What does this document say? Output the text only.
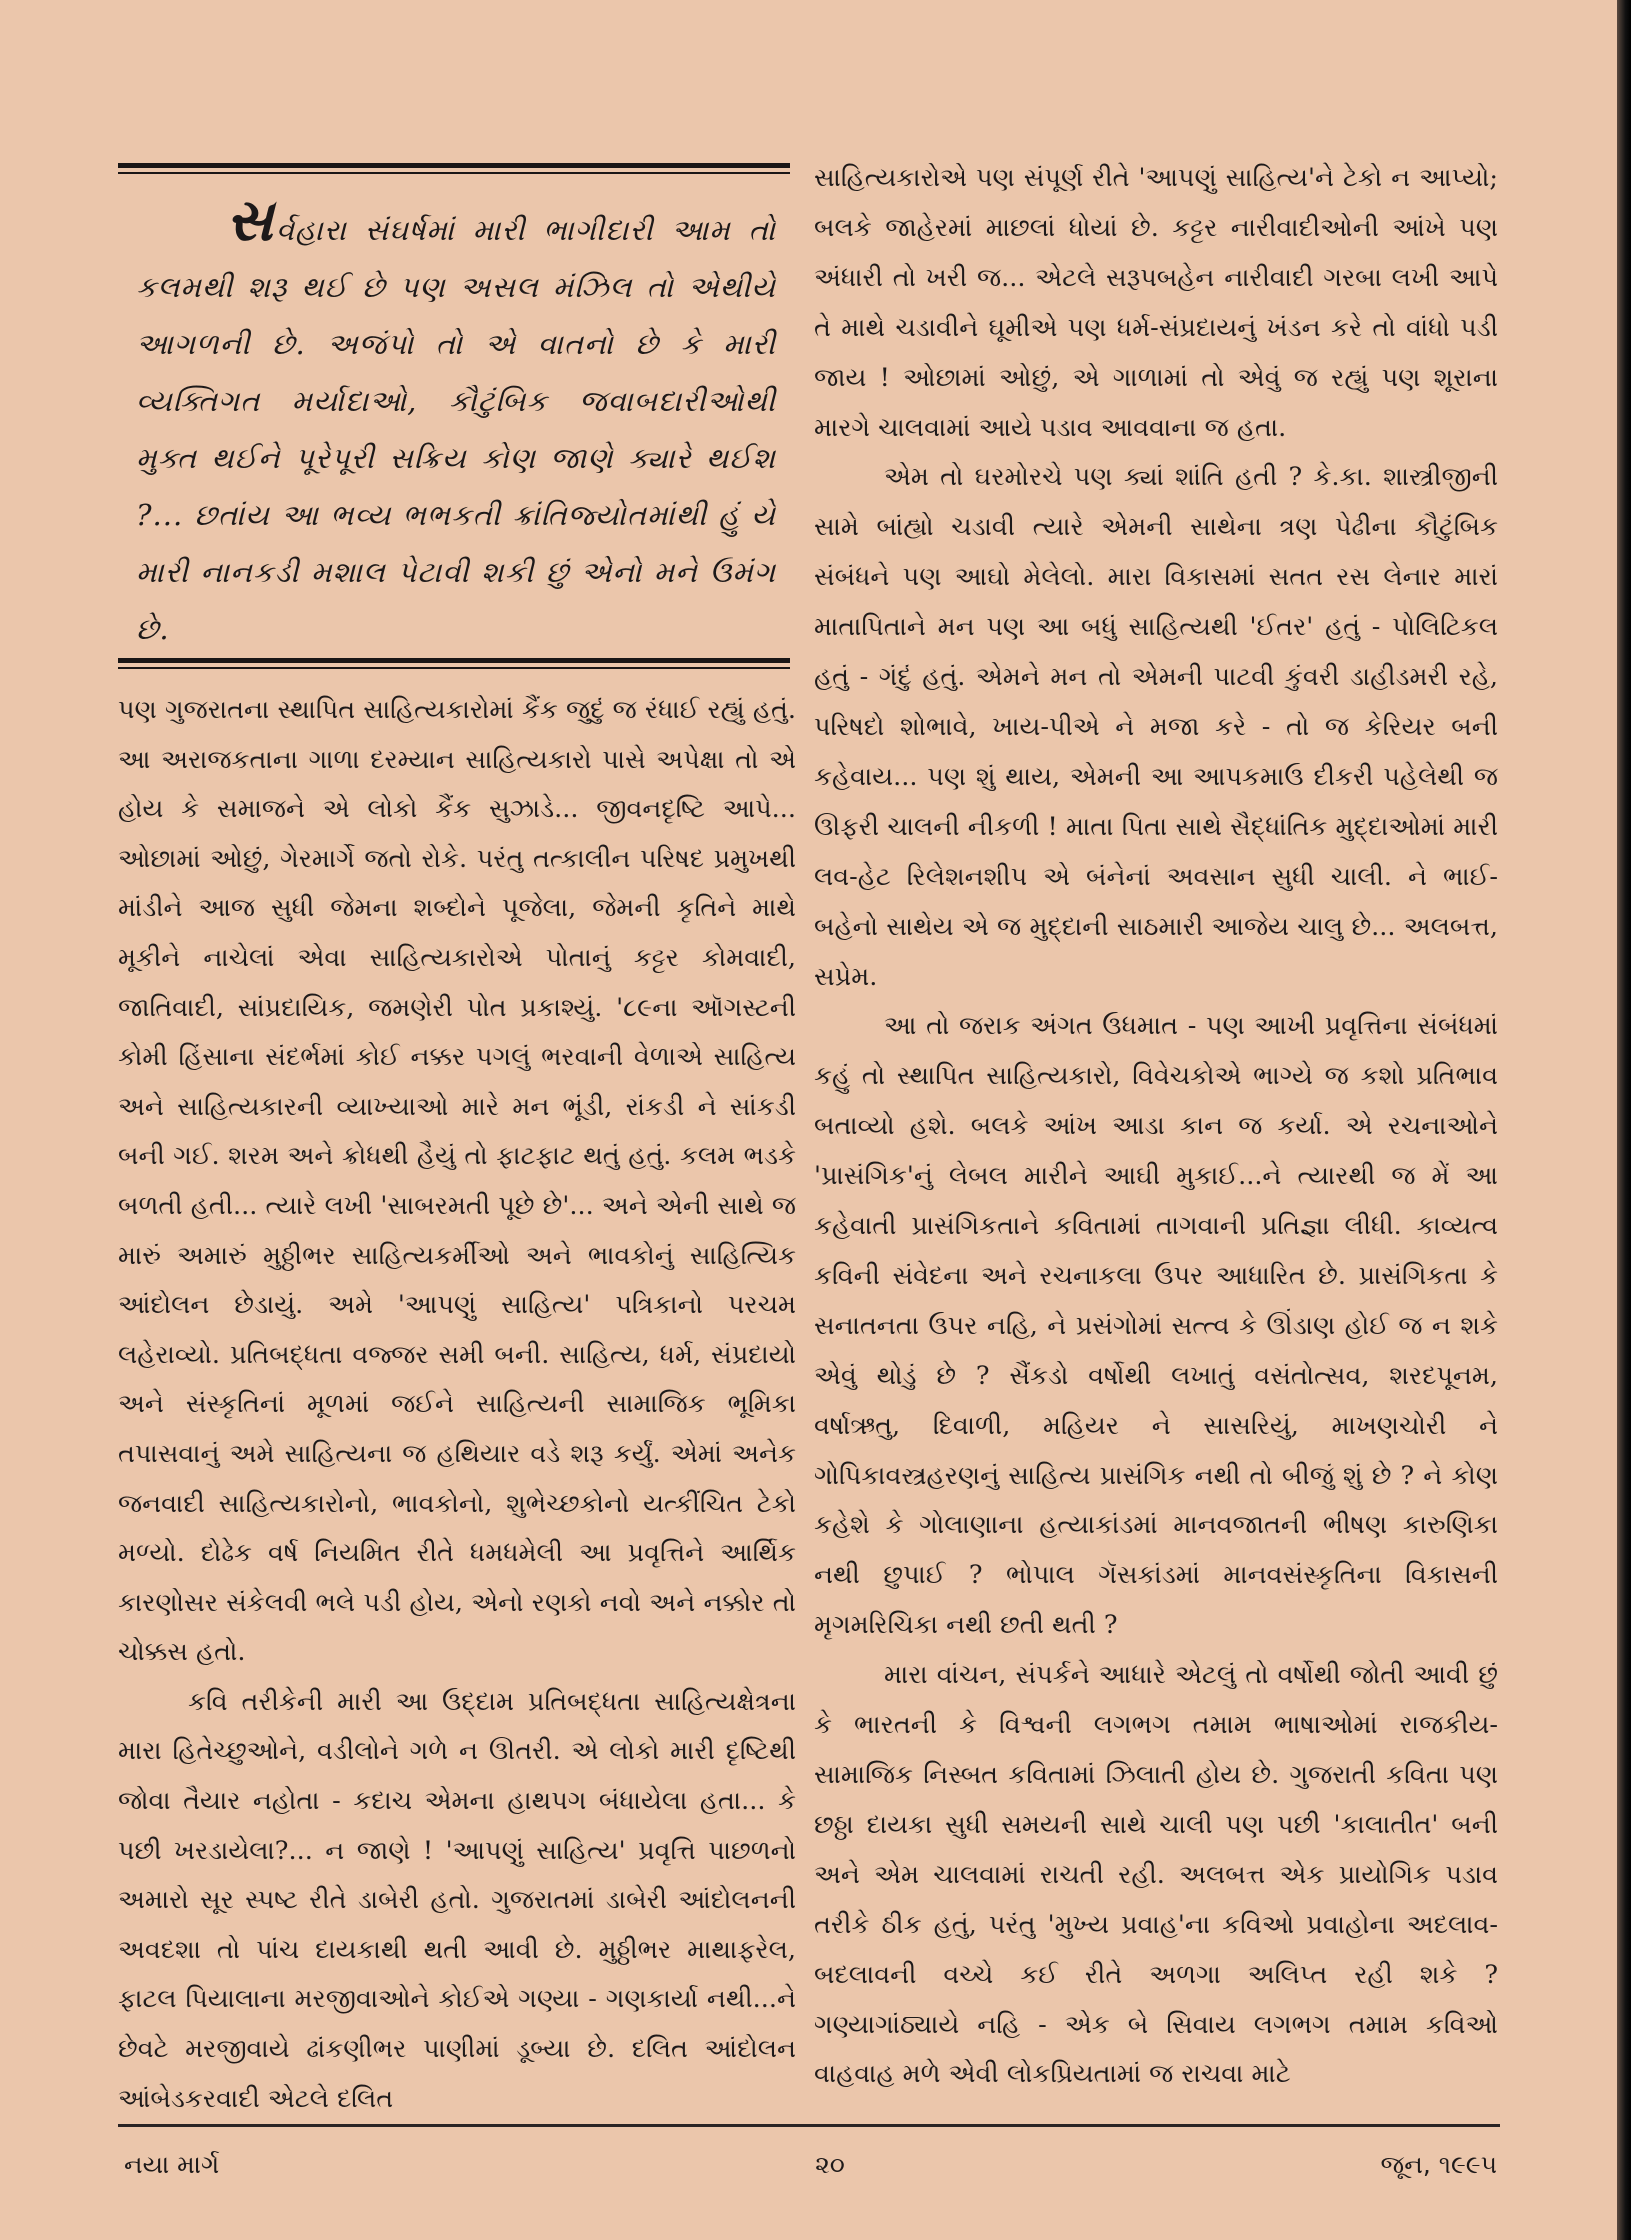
સર્વહારા સંઘર્ષમાં મારી ભાગીદારી આમ તો કલમથી શરૂ થઈ છે પણ અસલ મંઝિલ તો એથીયે આગળની છે. અજંપો તો એ વાતનો છે કે મારી વ્યક્તિગત મર્યાદાઓ, કૌટુંબિક જવાબદારીઓથી મુક્ત થઈને પૂરેપૂરી સક્રિય કોણ જાણે ક્યારે થઈશ ?... છતાંય આ ભવ્ય ભભકતી ક્રાંતિજ્યોતમાંથી હું યે મારી નાનકડી મશાલ પેટાવી શકી છું એનો મને ઉમંગ છે.

પણ ગુજરાતના સ્થાપિત સાહિત્યકારોમાં કૈંક જુદું જ રંધાઈ રહ્યું હતું. આ અરાજકતાના ગાળા દરમ્યાન સાહિત્યકારો પાસે અપેક્ષા તો એ હોય કે સમાજને એ લોકો કૈંક સુઝાડે... જીવનદૃષ્ટિ આપે... ઓછામાં ઓછું, ગેરમાર્ગે જતો રોકે. પરંતુ તત્કાલીન પરિષદ પ્રમુખથી માંડીને આજ સુધી જેમના શબ્દોને પૂજેલા, જેમની કૃતિને માથે મૂકીને નાચેલાં એવા સાહિત્યકારોએ પોતાનું કટ્ટર કોમવાદી, જાતિવાદી, સાંપ્રદાયિક, જમણેરી પોત પ્રકાશ્યું. '૮૯ના ઑગસ્ટની કોમી હિંસાના સંદર્ભમાં કોઈ નક્કર પગલું ભરવાની વેળાએ સાહિત્ય અને સાહિત્યકારની વ્યાખ્યાઓ મારે મન ભૂંડી, રાંકડી ને સાંકડી બની ગઈ. શરમ અને ક્રોધથી હૈયું તો ફાટફાટ થતું હતું. કલમ ભડકે બળતી હતી... ત્યારે લખી 'સાબરમતી પૂછે છે'... અને એની સાથે જ મારું અમારું મુઠ્ઠીભર સાહિત્યકર્મીઓ અને ભાવકોનું સાહિત્યિક આંદોલન છેડાયું. અમે 'આપણું સાહિત્ય' પત્રિકાનો પરચમ લહેરાવ્યો. પ્રતિબદ્ધતા વજ્જર સમી બની. સાહિત્ય, ધર્મ, સંપ્રદાયો અને સંસ્કૃતિનાં મૂળમાં જઈને સાહિત્યની સામાજિક ભૂમિકા તપાસવાનું અમે સાહિત્યના જ હથિયાર વડે શરૂ કર્યું. એમાં અનેક જનવાદી સાહિત્યકારોનો, ભાવકોનો, શુભેચ્છકોનો યત્કીંચિત ટેકો મળ્યો. દોઢેક વર્ષ નિયમિત રીતે ધમધમેલી આ પ્રવૃત્તિને આર્થિક કારણોસર સંકેલવી ભલે પડી હોય, એનો રણકો નવો અને નક્કોર તો ચોક્કસ હતો.

કવિ તરીકેની મારી આ ઉદ્દામ પ્રતિબદ્ધતા સાહિત્યક્ષેત્રના મારા હિતેચ્છુઓને, વડીલોને ગળે ન ઊતરી. એ લોકો મારી દૃષ્ટિથી જોવા તૈયાર નહોતા - કદાચ એમના હાથપગ બંધાયેલા હતા... કે પછી ખરડાયેલા?... ન જાણે ! 'આપણું સાહિત્ય' પ્રવૃત્તિ પાછળનો અમારો સૂર સ્પષ્ટ રીતે ડાબેરી હતો. ગુજરાતમાં ડાબેરી આંદોલનની અવદશા તો પાંચ દાયકાથી થતી આવી છે. મુઠ્ઠીભર માથાફરેલ, ફાટલ પિયાલાના મરજીવાઓને કોઈએ ગણ્યા - ગણકાર્યા નથી...ને છેવટે મરજીવાયે ઢાંકણીભર પાણીમાં ડૂબ્યા છે. દલિત આંદોલન આંબેડકરવાદી એટલે દલિત

સાહિત્યકારોએ પણ સંપૂર્ણ રીતે 'આપણું સાહિત્ય'ને ટેકો ન આપ્યો; બલકે જાહેરમાં માછલાં ધોયાં છે. કટ્ટર નારીવાદીઓની આંખે પણ અંધારી તો ખરી જ... એટલે સરૂપબહેન નારીવાદી ગરબા લખી આપે તે માથે ચડાવીને ઘૂમીએ પણ ધર્મ-સંપ્રદાયનું ખંડન કરે તો વાંધો પડી જાય ! ઓછામાં ઓછું, એ ગાળામાં તો એવું જ રહ્યું પણ શૂરાના મારગે ચાલવામાં આયે પડાવ આવવાના જ હતા.

એમ તો ઘરમોરચે પણ ક્યાં શાંતિ હતી ? કે.કા. શાસ્ત્રીજીની સામે બાંહ્યો ચડાવી ત્યારે એમની સાથેના ત્રણ પેઢીના કૌટુંબિક સંબંધને પણ આઘો મેલેલો. મારા વિકાસમાં સતત રસ લેનાર મારાં માતાપિતાને મન પણ આ બધું સાહિત્યથી 'ઈતર' હતું - પોલિટિકલ હતું - ગંદું હતું. એમને મન તો એમની પાટવી કુંવરી ડાહીડમરી રહે, પરિષદો શોભાવે, ખાય-પીએ ને મજા કરે - તો જ કેરિયર બની કહેવાય... પણ શું થાય, એમની આ આપકમાઉ દીકરી પહેલેથી જ ઊફરી ચાલની નીકળી ! માતા પિતા સાથે સૈદ્ધાંતિક મુદ્દાઓમાં મારી લવ-હેટ રિલેશનશીપ એ બંનેનાં અવસાન સુધી ચાલી. ને ભાઈ-બહેનો સાથેય એ જ મુદ્દાની સાઠમારી આજેય ચાલુ છે... અલબત્ત, સપ્રેમ.

આ તો જરાક અંગત ઉધમાત - પણ આખી પ્રવૃત્તિના સંબંધમાં કહું તો સ્થાપિત સાહિત્યકારો, વિવેચકોએ ભાગ્યે જ કશો પ્રતિભાવ બતાવ્યો હશે. બલકે આંખ આડા કાન જ કર્યા. એ રચનાઓને 'પ્રાસંગિક'નું લેબલ મારીને આઘી મુકાઈ...ને ત્યારથી જ મેં આ કહેવાતી પ્રાસંગિકતાને કવિતામાં તાગવાની પ્રતિજ્ઞા લીધી. કાવ્યત્વ કવિની સંવેદના અને રચનાકલા ઉપર આધારિત છે. પ્રાસંગિકતા કે સનાતનતા ઉપર નહિ, ને પ્રસંગોમાં સત્ત્વ કે ઊંડાણ હોઈ જ ન શકે એવું થોડું છે ? સૈંકડો વર્ષોથી લખાતું વસંતોત્સવ, શરદપૂનમ, વર્ષાઋતુ, દિવાળી, મહિયર ને સાસરિયું, માખણચોરી ને ગોપિકાવસ્ત્રહરણનું સાહિત્ય પ્રાસંગિક નથી તો બીજું શું છે ? ને કોણ કહેશે કે ગોલાણાના હત્યાકાંડમાં માનવજાતની ભીષણ કારુણિકા નથી છુપાઈ ? ભોપાલ ગૅસકાંડમાં માનવસંસ્કૃતિના વિકાસની મૃગમરિચિકા નથી છતી થતી ?

મારા વાંચન, સંપર્કને આધારે એટલું તો વર્ષોથી જોતી આવી છું કે ભારતની કે વિશ્વની લગભગ તમામ ભાષાઓમાં રાજકીય-સામાજિક નિસ્બત કવિતામાં ઝિલાતી હોય છે. ગુજરાતી કવિતા પણ છઠ્ઠા દાયકા સુધી સમયની સાથે ચાલી પણ પછી 'કાલાતીત' બની અને એમ ચાલવામાં રાચતી રહી. અલબત્ત એક પ્રાયોગિક પડાવ તરીકે ઠીક હતું, પરંતુ 'મુખ્ય પ્રવાહ'ના કવિઓ પ્રવાહોના અદલાવ-બદલાવની વચ્ચે કઈ રીતે અળગા અલિપ્ત રહી શકે ? ગણ્યાગાંઠ્યાયે નહિ - એક બે સિવાય લગભગ તમામ કવિઓ વાહવાહ મળે એવી લોકપ્રિયતામાં જ રાચવા માટે

નયા માર્ગ	૨૦	જૂન, ૧૯૯૫
